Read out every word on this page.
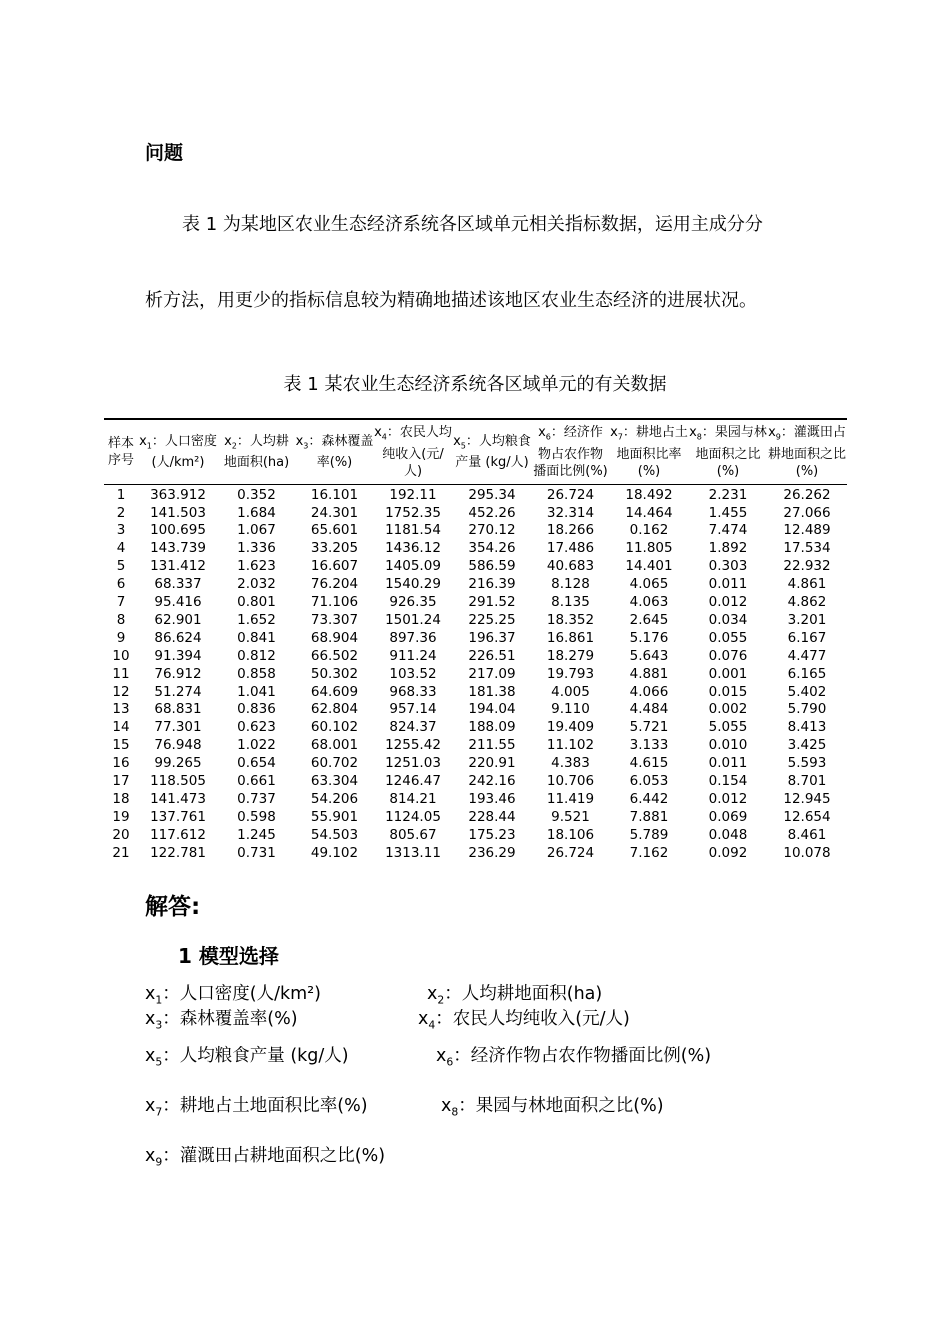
问题
表 1 为某地区农业生态经济系统各区域单元相关指标数据，运用主成分分
析方法，用更少的指标信息较为精确地描述该地区农业生态经济的进展状况。
表 1 某农业生态经济系统各区域单元的有关数据
样本序号	$x_1$：人口密度(人/km²)	$x_2$：人均耕地面积(ha)	$x_3$：森林覆盖率(%)	$x_4$：农民人均纯收入(元/人)	$x_5$：人均粮食产量 (kg/人)	$x_6$：经济作物占农作物播面比例(%)	$x_7$：耕地占土地面积比率(%)	$x_8$：果园与林地面积之比(%)	$x_9$：灌溉田占耕地面积之比(%)
1	363.912	0.352	16.101	192.11	295.34	26.724	18.492	2.231	26.262
2	141.503	1.684	24.301	1752.35	452.26	32.314	14.464	1.455	27.066
3	100.695	1.067	65.601	1181.54	270.12	18.266	0.162	7.474	12.489
4	143.739	1.336	33.205	1436.12	354.26	17.486	11.805	1.892	17.534
5	131.412	1.623	16.607	1405.09	586.59	40.683	14.401	0.303	22.932
6	68.337	2.032	76.204	1540.29	216.39	8.128	4.065	0.011	4.861
7	95.416	0.801	71.106	926.35	291.52	8.135	4.063	0.012	4.862
8	62.901	1.652	73.307	1501.24	225.25	18.352	2.645	0.034	3.201
9	86.624	0.841	68.904	897.36	196.37	16.861	5.176	0.055	6.167
10	91.394	0.812	66.502	911.24	226.51	18.279	5.643	0.076	4.477
11	76.912	0.858	50.302	103.52	217.09	19.793	4.881	0.001	6.165
12	51.274	1.041	64.609	968.33	181.38	4.005	4.066	0.015	5.402
13	68.831	0.836	62.804	957.14	194.04	9.110	4.484	0.002	5.790
14	77.301	0.623	60.102	824.37	188.09	19.409	5.721	5.055	8.413
15	76.948	1.022	68.001	1255.42	211.55	11.102	3.133	0.010	3.425
16	99.265	0.654	60.702	1251.03	220.91	4.383	4.615	0.011	5.593
17	118.505	0.661	63.304	1246.47	242.16	10.706	6.053	0.154	8.701
18	141.473	0.737	54.206	814.21	193.46	11.419	6.442	0.012	12.945
19	137.761	0.598	55.901	1124.05	228.44	9.521	7.881	0.069	12.654
20	117.612	1.245	54.503	805.67	175.23	18.106	5.789	0.048	8.461
21	122.781	0.731	49.102	1313.11	236.29	26.724	7.162	0.092	10.078
解答:
1 模型选择
$x_1$：人口密度(人/km²)	$x_2$：人均耕地面积(ha)
$x_3$：森林覆盖率(%)	$x_4$：农民人均纯收入(元/人)
$x_5$：人均粮食产量 (kg/人)	$x_6$：经济作物占农作物播面比例(%)
$x_7$：耕地占土地面积比率(%)	$x_8$：果园与林地面积之比(%)
$x_9$：灌溉田占耕地面积之比(%)
